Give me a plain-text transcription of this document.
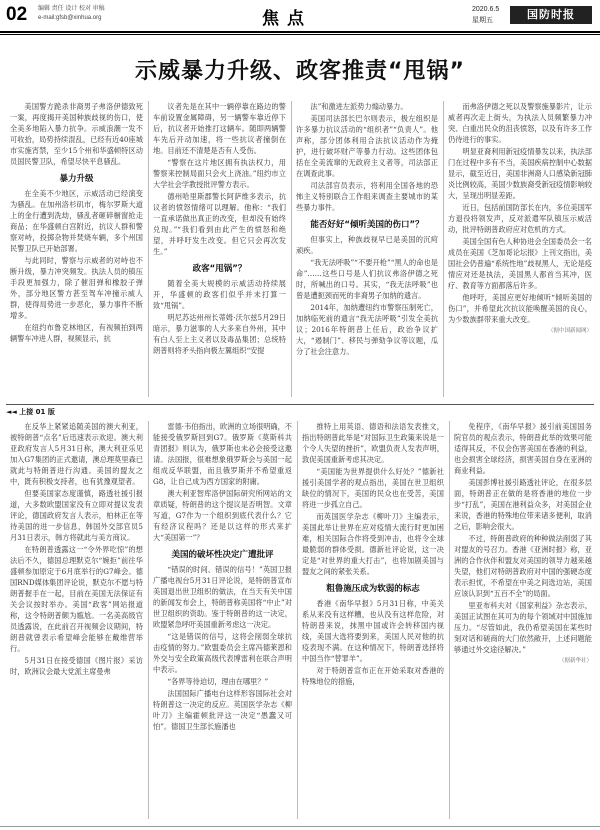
02 编辑 责任 设计 校对 审稿
e-mail:gfsb@xinhua.org	焦点	2020.6.5
星期五	国防时报
示威暴力升级、政客推责“甩锅”

美国警方跪杀非裔男子弗洛伊德致死一案，再度揭开美国种族歧视的伤口，使全美多地陷入暴力抗争。示威浪潮一发不可收拾，局势持续混乱，已经有近40座城市实施宵禁，至少15个州和华盛顿特区动员国民警卫队，希望尽快平息骚乱。

暴力升级

在全美不少地区，示威活动已经演变为骚乱。在加州洛杉矶市，梅尔罗斯大道上的金行遭到洗劫，骚乱者砸碎橱窗抢走商品；在华盛顿白宫附近，抗议人群和警察对峙，投掷杂物并焚烧车辆，多个州国民警卫队已开始部署。

与此同时，警察与示威者的对峙也不断升级，暴力冲突频发。执法人员的镇压手段更加强力，除了催泪弹和橡胶子弹外，部分地区警方甚至驾车冲撞示威人群，使得局势进一步恶化，暴力事件不断增多。

在纽约布鲁克林地区，有视频拍到两辆警车冲进人群，视频显示，抗

议者先是在其中一辆停靠在路边的警车前设置金属障碍，另一辆警车靠近停下后，抗议者开始推打这辆车。随即两辆警车先后开动加速，将一些抗议者撞倒在地。目前还不清楚是否有人受伤。

“警察在这片地区拥有执法权力，用警察来控制局面只会火上浇油。”纽约市立大学社会学教授批评警方表示。

德州哈里斯郡警长阿萨维多表示，抗议者的愤怒情绪可以理解。他称：“我们一直承诺做出真正的改变，但却没有始终兑现。”“我们看到由此产生的愤怒和绝望，并呼吁发生改变。但它只会再次发生。”

政客“甩锅”？

随着全美大规模的示威活动持续展开，华盛顿的政客们似乎并未打算一致“甩锅”。

明尼苏达州州长蒂姆·沃尔兹5月29日暗示，暴力滋事的人大多来自外州，其中有白人至上主义者以及毒品集团；总统特朗普则将矛头指向极左翼组织“安提

法”和激进左派势力煽动暴力。

美国司法部长巴尔则表示，极左组织是许多暴力抗议活动的“组织者”“负责人”。他声称，部分团体利用合法抗议活动作为掩护，进行破坏财产等暴力行动。这些团体包括在全美流窜的无政府主义者等，司法部正在调查此事。

司法部官员表示，将利用全国各地的恐怖主义特别联合工作组来调查主要城市的某些暴力事件。

能否好好“倾听美国的伤口”？

但事实上，种族歧视早已是美国的沉疴顽疾。

“我无法呼吸”“不要开枪”“黑人的命也是命”……这些口号是人们抗议弗洛伊德之死时，所喊出的口号。其实，“我无法呼吸”也曾是遭扼颈而死的非裔男子加纳的遗言。

2014年，加纳遭纽约市警察压制死亡，加纳临死前的遗言“我无法呼吸”引发全美抗议；2016年特朗普上任后，政治争议扩大，“遏制门”、移民与弹劾争议等议题，瓜分了社会注意力。

而弗洛伊德之死以及警察施暴影片，让示威者再次走上街头，为执法人员频繁暴力冲突、白重出民众的沮丧愤怒，以及有许多工作仍待进行的事实。

明显亚裔利用新冠疫情暴发以来，执法部门在过程中多有不当，美国疾病控制中心数据显示，截至近日，美国非洲裔人口感染新冠肺炎比例较高，美国少数族裔受新冠疫情影响较大，呈现出明显差距。

近日，包括前国防部长在内，多位美国军方退役将领发声，反对派遣军队镇压示威活动，批评特朗普政府应对危机的方式。

美国全国有色人种协进会全国委员会一名成员在美国《芝加哥论坛报》上刊文指出，美国社会仍普遍“系统性地”歧视黑人，无论是疫情应对还是执法，美国黑人都首当其冲，医疗、教育等方面都落后许多。

他呼吁，美国应更好地倾听“倾听美国的伤口”，并希望此次抗议能唤醒美国的良心，为少数族群带来重大改变。

（据中国新闻网）
◄◄ 上接 01 版

在反华上紧紧追随美国的澳大利亚，被特朗普“点名”后迅速表示欢迎。澳大利亚政府发言人5月31日称，澳大利亚乐见加入G7集团的正式邀请，澳总理莫里森已就此与特朗普进行沟通。美国的盟友之中，既有积极支持者，也有犹豫观望者。

但要美国家态度谨慎，路透社援引报道，大多数欧盟国家没有立即对提议发表评论，德国政府发言人表示，柏林正在等待美国的进一步信息，韩国外交部官员5月31日表示，韩方将就此与美方商议。

在特朗普透露这一“令外界吃惊”的想法后不久，德国总理默克尔“婉拒”前往华盛顿参加原定于6月底举行的G7峰会。德国RND媒体集团评论说，默克尔不愿与特朗普握手在一起，目前在美国无法保证有关会议按时举办。美国“政客”网站报道称，这令特朗普颇为尴尬。一名美高级官员透露说，在此前召开视频会议期间，特朗普就曾表示希望峰会能够在戴维营举行。

5月31日在接受德国《图片报》采访时，欧洲议会最大党派主席曼弗

雷德·韦伯指出，欧洲的立场很明确，不能接受俄罗斯回到G7。俄罗斯《莫斯科共青团报》则认为，俄罗斯也未必会接受这邀请。法国报，很难想象俄罗斯会与美国一起组成反华联盟，而且俄罗斯并不希望重返G8，让自己成为西方国家的附庸。

澳大利亚智库洛伊国际研究所网站的文章质疑，特朗普的这个提议是否明智。文章写道，G7作为一个组织到底代表什么？它有经济议程吗？还是以这样的形式来扩大“美国第一”？

美国的破坏性决定广遭批评

“错误的时间、错误的信号！”英国卫报广播电视台5月31日评论说，是特朗普宣布美国退出世卫组织的做法，在当天有关中国的新闻发布会上，特朗普称美国将“中止”对世卫组织的资助。鉴于特朗普的这一决定，欧盟紧急呼吁美国重新考虑这一决定。

“这是错误的信号，这将会削弱全球抗击疫情的努力。”欧盟委员会主席冯德莱恩和外交与安全政策高级代表博雷利在联合声明中表示。

“各界等待迫切，理由在哪里？”

法国国际广播电台这样形容国际社会对特朗普这一决定的反应。英国医学杂志《柳叶刀》主编霍顿批评这一决定“愚蠢又可怕”。德国卫生部长施潘也

推特上用英语、德语和法语发表推文，指出特朗普此举是“对国际卫生政策来说是一个令人失望的挫折”，欧盟负责人发表声明，敦促美国重新考虑其决定。

“美国能为世界提供什么好处？”德新社援引美国学者的观点指出，美国在世卫组织缺位的情况下，美国的民众也在受苦，美国将进一步孤立自己。

而英国医学杂志《柳叶刀》主编表示，美国此举让世界在应对疫情大流行时更加困难，相关国际合作将受到冲击，也将令全球最脆弱的群体受损。德新社评论说，这一决定是“对世界的重大打击”，也将加剧美国与盟友之间的紧张关系。

粗鲁施压成为软弱的标志

香港《南华早报》5月31日称，中美关系从来没有这样糟，也从没有这样危险，对特朗普来说，抹黑中国或许会转移国内视线，美国大选将要到来，美国人民对他的抗疫表现不满。在这种情况下，特朗普选择将中国当作“替罪羊”。

对于特朗普宣布正在开始采取对香港的特殊地位的措施，

免程序，《南华早报》援引前美国国务院官员的观点表示，特朗普此举的效果可能适得其反，不仅会伤害美国在香港的利益，也会损害全球经济，损害美国自身在亚洲的商业利益。

美国彭博社援引路透社评论，在很多层面，特朗普正在做的是将香港的地位一步步“打乱”，美国在港利益众多，对美国企业来说，香港的特殊地位带来诸多便利，取消之后，影响会很大。

不过，特朗普政府的种种做法削弱了其对盟友的号召力。香港《亚洲时报》称，亚洲的合作伙伴和盟友对美国的领导力越来越失望，他们对特朗普政府对中国的强硬态度表示担忧，不希望在中美之间选边站，美国应该认识到“五百不全”的局面。

里亚布科夫对《国家利益》杂志表示，美国正试图在其可为的每个领域对中国施加压力。“尽管如此，我仍希望美国在某些时刻对话和磋商的大门依然敞开，上述问题能够通过外交途径解决。”

（据新华社）
